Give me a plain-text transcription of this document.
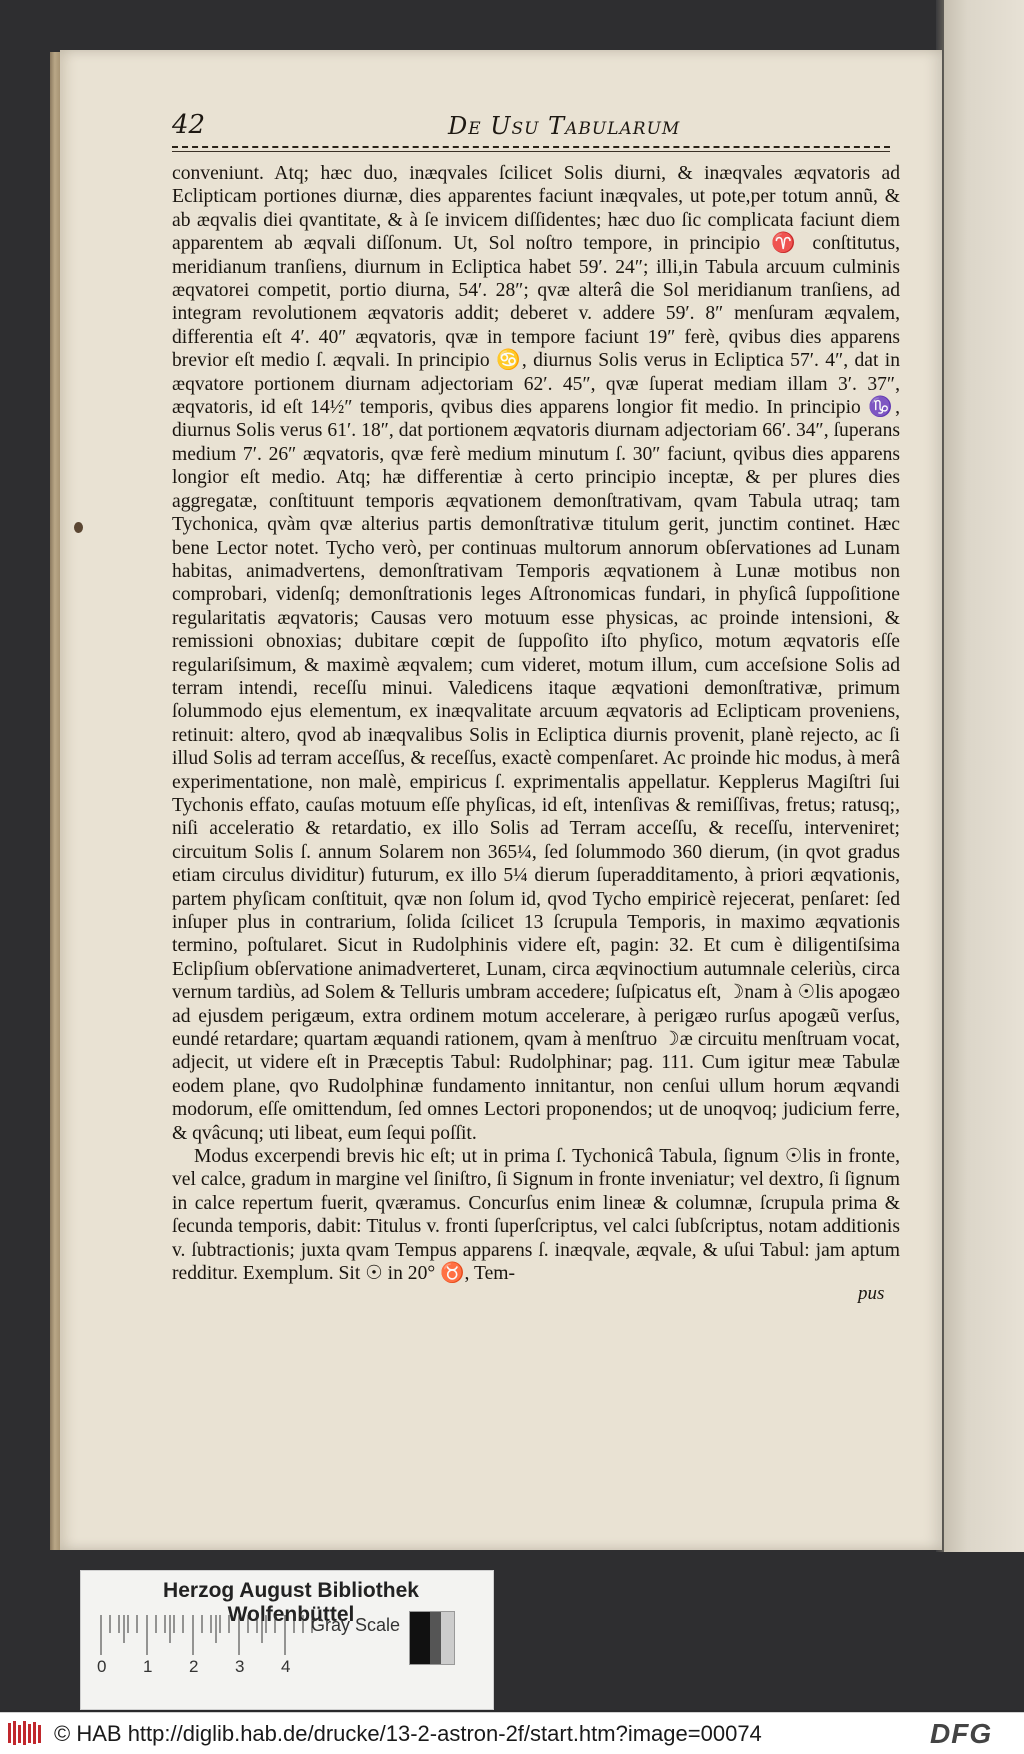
42	De Usu Tabularum

conveniunt. Atq; hæc duo, inæqvales ſcilicet Solis diurni, & inæqvales æqvatoris ad Eclipticam portiones diurnæ, dies apparentes faciunt inæqvales, ut pote,per totum annũ, & ab æqvalis diei qvantitate, & à ſe invicem diſſidentes; hæc duo ſic complicata faciunt diem apparentem ab æqvali diſſonum. Ut, Sol noſtro tempore, in principio ♈ conſtitutus, meridianum tranſiens, diurnum in Ecliptica habet 59′. 24″; illi,in Tabula arcuum culminis æqvatorei competit, portio diurna, 54′. 28″; qvæ alterâ die Sol meridianum tranſiens, ad integram revolutionem æqvatoris addit; deberet v. addere 59′. 8″ menſuram æqvalem, differentia eſt 4′. 40″ æqvatoris, qvæ in tempore faciunt 19″ ferè, qvibus dies apparens brevior eſt medio ſ. æqvali. In principio ♋, diurnus Solis verus in Ecliptica 57′. 4″, dat in æqvatore portionem diurnam adjectoriam 62′. 45″, qvæ ſuperat mediam illam 3′. 37″, æqvatoris, id eſt 14½″ temporis, qvibus dies apparens longior fit medio. In principio ♑, diurnus Solis verus 61′. 18″, dat portionem æqvatoris diurnam adjectoriam 66′. 34″, ſuperans medium 7′. 26″ æqvatoris, qvæ ferè medium minutum ſ. 30″ faciunt, qvibus dies apparens longior eſt medio. Atq; hæ differentiæ à certo principio inceptæ, & per plures dies aggregatæ, conſtituunt temporis æqvationem demonſtrativam, qvam Tabula utraq; tam Tychonica, qvàm qvæ alterius partis demonſtrativæ titulum gerit, junctim continet. Hæc bene Lector notet. Tycho verò, per continuas multorum annorum obſervationes ad Lunam habitas, animadvertens, demonſtrativam Temporis æqvationem à Lunæ motibus non comprobari, videnſq; demonſtrationis leges Aſtronomicas fundari, in phyſicâ ſuppoſitione regularitatis æqvatoris; Causas vero motuum esse physicas, ac proinde intensioni, & remissioni obnoxias; dubitare cœpit de ſuppoſito iſto phyſico, motum æqvatoris eſſe regulariſsimum, & maximè æqvalem; cum videret, motum illum, cum acceſsione Solis ad terram intendi, receſſu minui. Valedicens itaque æqvationi demonſtrativæ, primum ſolummodo ejus elementum, ex inæqvalitate arcuum æqvatoris ad Eclipticam proveniens, retinuit: altero, qvod ab inæqvalibus Solis in Ecliptica diurnis provenit, planè rejecto, ac ſi illud Solis ad terram acceſſus, & receſſus, exactè compenſaret. Ac proinde hic modus, à merâ experimentatione, non malè, empiricus ſ. exprimentalis appellatur. Kepplerus Magiſtri ſui Tychonis effato, cauſas motuum eſſe phyſicas, id eſt, intenſivas & remiſſivas, fretus; ratusq;, niſi acceleratio & retardatio, ex illo Solis ad Terram acceſſu, & receſſu, interveniret; circuitum Solis ſ. annum Solarem non 365¼, ſed ſolummodo 360 dierum, (in qvot gradus etiam circulus dividitur) futurum, ex illo 5¼ dierum ſuperadditamento, à priori æqvationis, partem phyſicam conſtituit, qvæ non ſolum id, qvod Tycho empiricè rejecerat, penſaret: ſed inſuper plus in contrarium, ſolida ſcilicet 13 ſcrupula Temporis, in maximo æqvationis termino, poſtularet. Sicut in Rudolphinis videre eſt, pagin: 32. Et cum è diligentiſsima Eclipſium obſervatione animadverteret, Lunam, circa æqvinoctium autumnale celeriùs, circa vernum tardiùs, ad Solem & Telluris umbram accedere; ſuſpicatus eſt, ☽nam à ☉lis apogæo ad ejusdem perigæum, extra ordinem motum accelerare, à perigæo rurſus apogæũ verſus, eundé retardare; quartam æquandi rationem, qvam à menſtruo ☽æ circuitu menſtruam vocat, adjecit, ut videre eſt in Præceptis Tabul: Rudolphinar; pag. 111. Cum igitur meæ Tabulæ eodem plane, qvo Rudolphinæ fundamento innitantur, non cenſui ullum horum æqvandi modorum, eſſe omittendum, ſed omnes Lectori proponendos; ut de unoqvoq; judicium ferre, & qvâcunq; uti libeat, eum ſequi poſſit.

Modus excerpendi brevis hic eſt; ut in prima ſ. Tychonicâ Tabula, ſignum ☉lis in fronte, vel calce, gradum in margine vel ſiniſtro, ſi Signum in fronte inveniatur; vel dextro, ſi ſignum in calce repertum fuerit, qværamus. Concurſus enim lineæ & columnæ, ſcrupula prima & ſecunda temporis, dabit: Titulus v. fronti ſuperſcriptus, vel calci ſubſcriptus, notam additionis v. ſubtractionis; juxta qvam Tempus apparens ſ. inæqvale, æqvale, & uſui Tabul: jam aptum redditur. Exemplum. Sit ☉ in 20° ♉, Tem-

pus
Herzog August Bibliothek Wolfenbüttel
0 1 2 3 4
Gray Scale
© HAB http://diglib.hab.de/drucke/13-2-astron-2f/start.htm?image=00074	DFG
